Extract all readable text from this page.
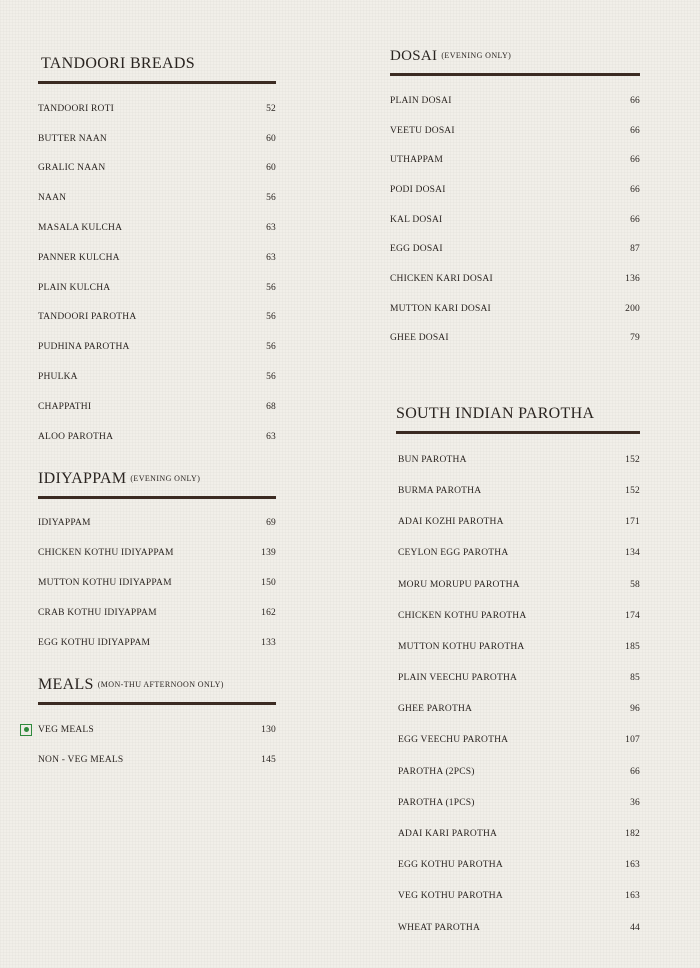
TANDOORI BREADS
TANDOORI ROTI	52
BUTTER NAAN	60
GRALIC NAAN	60
NAAN	56
MASALA KULCHA	63
PANNER KULCHA	63
PLAIN KULCHA	56
TANDOORI PAROTHA	56
PUDHINA PAROTHA	56
PHULKA	56
CHAPPATHI	68
ALOO PAROTHA	63
IDIYAPPAM $^{(EVENING ONLY)}$
IDIYAPPAM	69
CHICKEN KOTHU IDIYAPPAM	139
MUTTON KOTHU IDIYAPPAM	150
CRAB KOTHU IDIYAPPAM	162
EGG KOTHU IDIYAPPAM	133
MEALS $^{(MON-THU AFTERNOON ONLY)}$
VEG MEALS	130
NON - VEG MEALS	145
DOSAI $^{(EVENING ONLY)}$
PLAIN DOSAI	66
VEETU DOSAI	66
UTHAPPAM	66
PODI DOSAI	66
KAL DOSAI	66
EGG DOSAI	87
CHICKEN KARI DOSAI	136
MUTTON KARI DOSAI	200
GHEE DOSAI	79
SOUTH INDIAN PAROTHA
BUN PAROTHA	152
BURMA PAROTHA	152
ADAI KOZHI PAROTHA	171
CEYLON EGG PAROTHA	134
MORU MORUPU PAROTHA	58
CHICKEN KOTHU PAROTHA	174
MUTTON KOTHU PAROTHA	185
PLAIN VEECHU PAROTHA	85
GHEE PAROTHA	96
EGG VEECHU PAROTHA	107
PAROTHA (2PCS)	66
PAROTHA (1PCS)	36
ADAI KARI PAROTHA	182
EGG KOTHU PAROTHA	163
VEG KOTHU PAROTHA	163
WHEAT PAROTHA	44
